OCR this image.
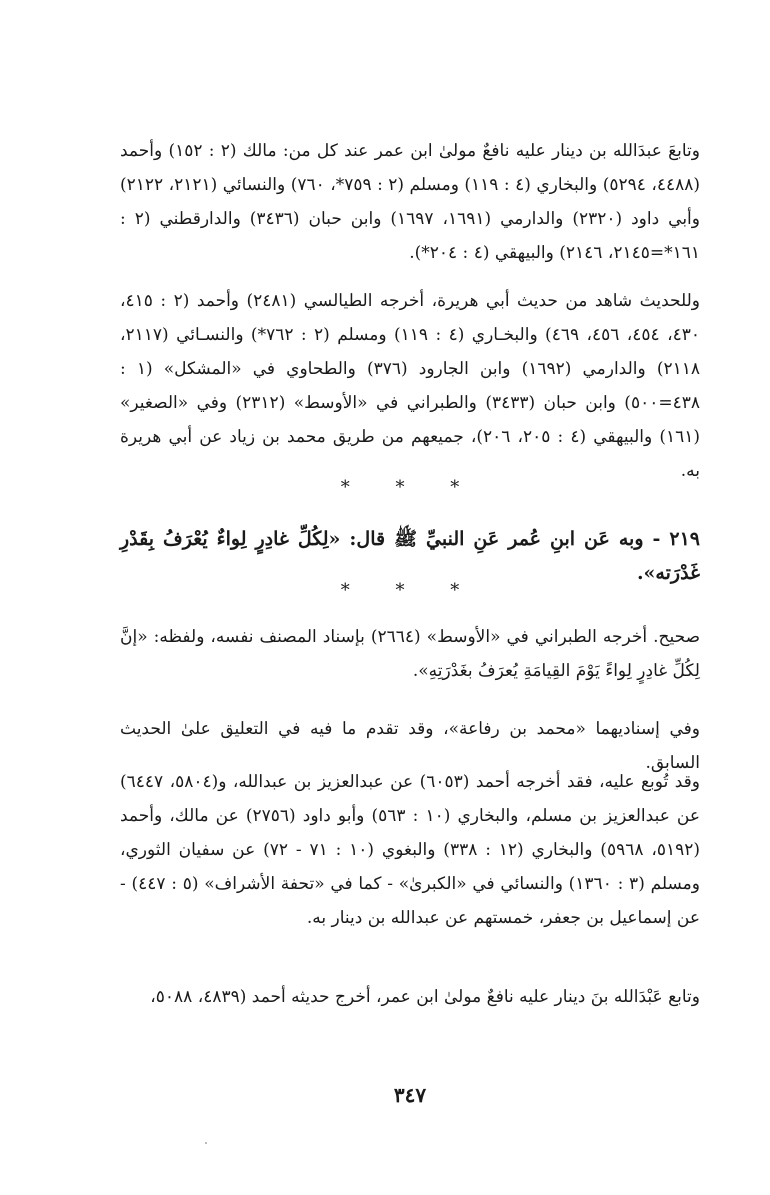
وتابعَ عبدَالله بن دينار عليه نافعٌ مولىٰ ابن عمر عند كل من: مالك (٢ : ١٥٢) وأحمد (٤٤٨٨، ٥٢٩٤) والبخاري (٤ : ١١٩) ومسلم (٢ : ٧٥٩*، ٧٦٠) والنسائي (٢١٢١، ٢١٢٢) وأبي داود (٢٣٢٠) والدارمي (١٦٩١، ١٦٩٧) وابن حبان (٣٤٣٦) والدارقطني (٢ : ١٦١*=٢١٤٥، ٢١٤٦) والبيهقي (٤ : ٢٠٤*).

وللحديث شاهد من حديث أبي هريرة، أخرجه الطيالسي (٢٤٨١) وأحمد (٢ : ٤١٥، ٤٣٠، ٤٥٤، ٤٥٦، ٤٦٩) والبخـاري (٤ : ١١٩) ومسلم (٢ : ٧٦٢*) والنسـائي (٢١١٧، ٢١١٨) والدارمي (١٦٩٢) وابن الجارود (٣٧٦) والطحاوي في «المشكل» (١ : ٤٣٨=٥٠٠) وابن حبان (٣٤٣٣) والطبراني في «الأوسط» (٢٣١٢) وفي «الصغير» (١٦١) والبيهقي (٤ : ٢٠٥، ٢٠٦)، جميعهم من طريق محمد بن زياد عن أبي هريرة به.

* * *

٢١٩ - وبه عَن ابنِ عُمر عَنِ النبيِّ ﷺ قال: «لِكُلِّ غادِرٍ لِواءٌ يُعْرَفُ بِقَدْرِ غَدْرَته».

* * *

صحيح. أخرجه الطبراني في «الأوسط» (٢٦٦٤) بإسناد المصنف نفسه، ولفظه: «إنَّ لِكُلِّ غادِرٍ لِواءً يَوْمَ القِيامَةِ يُعرَفُ بغَدْرَتِهِ».

وفي إسناديهما «محمد بن رفاعة»، وقد تقدم ما فيه في التعليق علىٰ الحديث السابق.

وقد تُوبع عليه، فقد أخرجه أحمد (٦٠٥٣) عن عبدالعزيز بن عبدالله، و(٥٨٠٤، ٦٤٤٧) عن عبدالعزيز بن مسلم، والبخاري (١٠ : ٥٦٣) وأبو داود (٢٧٥٦) عن مالك، وأحمد (٥١٩٢، ٥٩٦٨) والبخاري (١٢ : ٣٣٨) والبغوي (١٠ : ٧١ - ٧٢) عن سفيان الثوري، ومسلم (٣ : ١٣٦٠) والنسائي في «الكبرىٰ» - كما في «تحفة الأشراف» (٥ : ٤٤٧) - عن إسماعيل بن جعفر، خمستهم عن عبدالله بن دينار به.

وتابع عَبْدَالله بنَ دينار عليه نافعٌ مولىٰ ابن عمر، أخرج حديثه أحمد (٤٨٣٩، ٥٠٨٨،

٣٤٧
